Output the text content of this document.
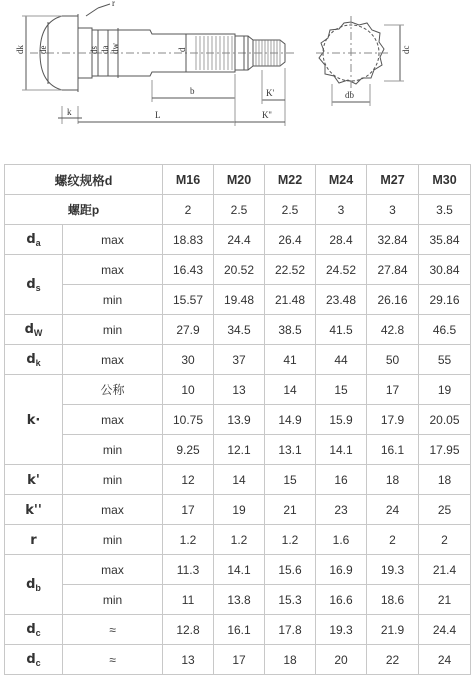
r
dk de	ds da dw	d	dc
db
k
b
L
K'
K''
螺纹规格d		M16	M20	M22	M24	M27	M30
螺距p		2	2.5	2.5	3	3	3.5
$d_a$	max	18.83	24.4	26.4	28.4	32.84	35.84
$d_s$	max	16.43	20.52	22.52	24.52	27.84	30.84
	min	15.57	19.48	21.48	23.48	26.16	29.16
$d_W$	min	27.9	34.5	38.5	41.5	42.8	46.5
$d_k$	max	30	37	41	44	50	55
k·	公称	10	13	14	15	17	19
	max	10.75	13.9	14.9	15.9	17.9	20.05
	min	9.25	12.1	13.1	14.1	16.1	17.95
k'	min	12	14	15	16	18	18
k''	max	17	19	21	23	24	25
r	min	1.2	1.2	1.2	1.6	2	2
$d_b$	max	11.3	14.1	15.6	16.9	19.3	21.4
	min	11	13.8	15.3	16.6	18.6	21
$d_c$	≈	12.8	16.1	17.8	19.3	21.9	24.4
$d_c$	≈	13	17	18	20	22	24
